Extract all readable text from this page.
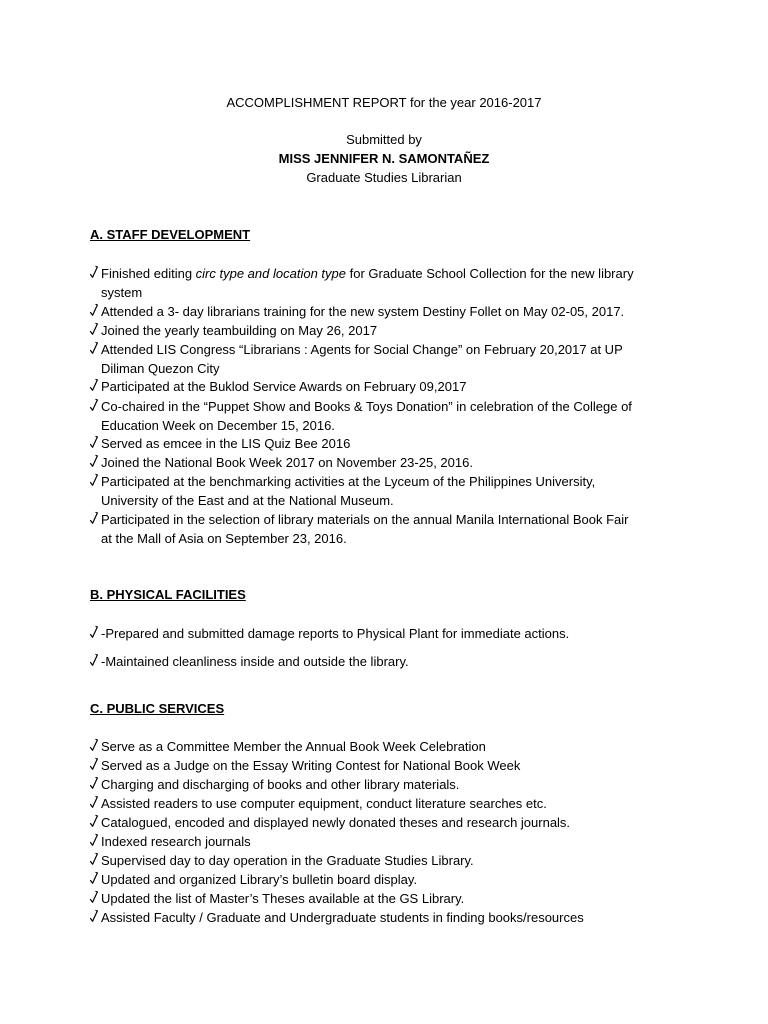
ACCOMPLISHMENT REPORT for the year 2016-2017
Submitted by
MISS JENNIFER N. SAMONTAÑEZ
Graduate Studies Librarian
A. STAFF DEVELOPMENT
Finished editing circ type and location type for Graduate School Collection for the new library
system
Attended a 3- day librarians training for the new system Destiny Follet on May 02-05, 2017.
Joined the yearly teambuilding on May 26, 2017
Attended LIS Congress “Librarians : Agents for Social Change” on February 20,2017 at UP
Diliman Quezon City
Participated at the Buklod Service Awards on February 09,2017
Co-chaired in the “Puppet Show and Books & Toys Donation” in celebration of the College of
Education Week on December 15, 2016.
Served as emcee in the LIS Quiz Bee 2016
Joined the National Book Week 2017 on November 23-25, 2016.
Participated at the benchmarking activities at the Lyceum of the Philippines University,
University of the East and at the National Museum.
Participated in the selection of library materials on the annual Manila International Book Fair
at the Mall of Asia on September 23, 2016.
B. PHYSICAL FACILITIES
-Prepared and submitted damage reports to Physical Plant for immediate actions.
-Maintained cleanliness inside and outside the library.
C. PUBLIC SERVICES
Serve as a Committee Member the Annual Book Week Celebration
Served as a Judge on the Essay Writing Contest for National Book Week
Charging and discharging of books and other library materials.
Assisted readers to use computer equipment, conduct literature searches etc.
Catalogued, encoded and displayed newly donated theses and research journals.
Indexed research journals
Supervised day to day operation in the Graduate Studies Library.
Updated and organized Library’s bulletin board display.
Updated the list of Master’s Theses available at the GS Library.
Assisted Faculty / Graduate and Undergraduate students in finding books/resources
